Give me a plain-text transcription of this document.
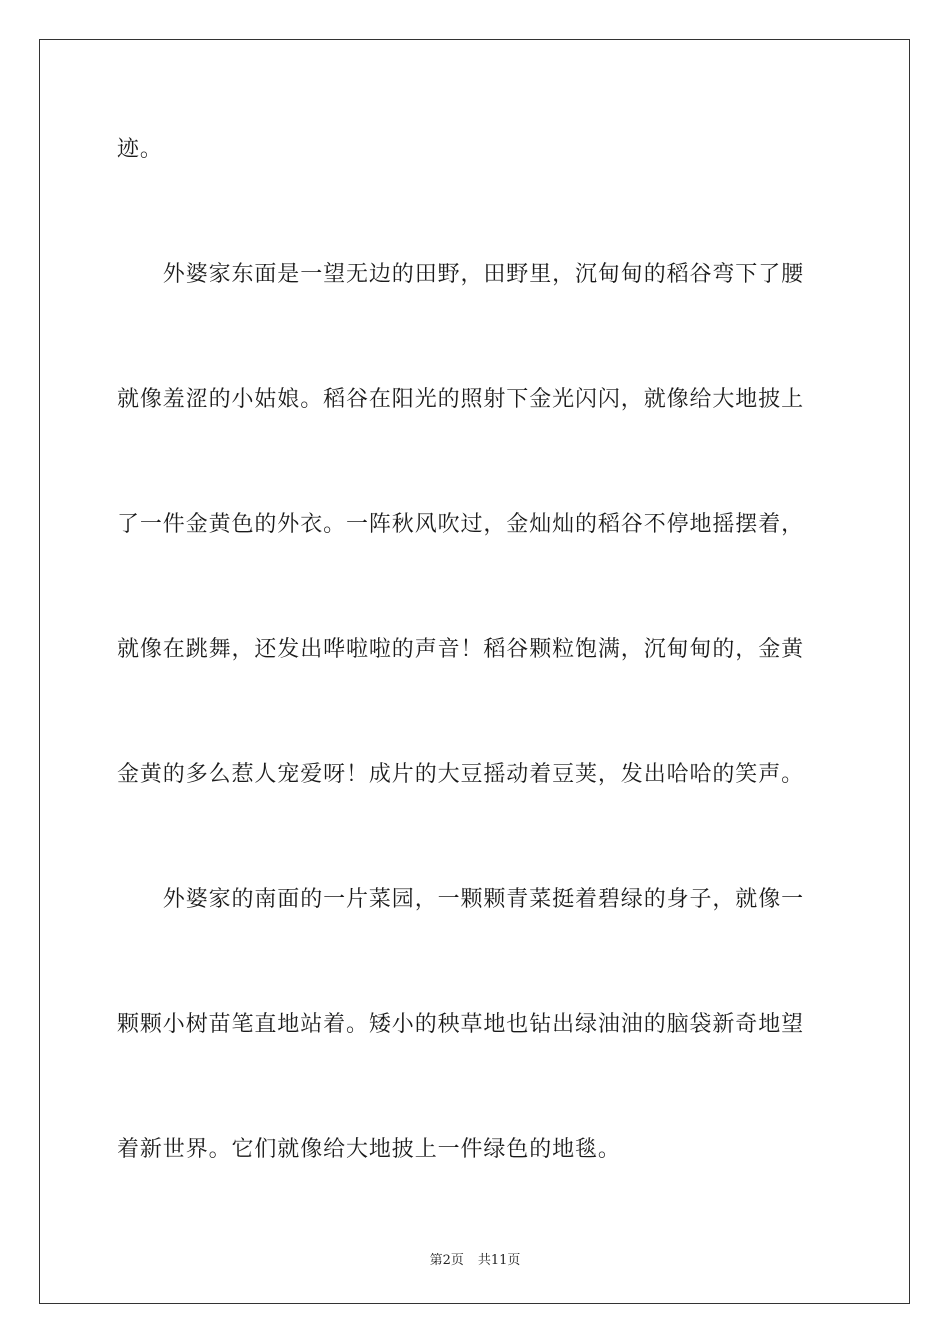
迹。
　　外婆家东面是一望无边的田野，田野里，沉甸甸的稻谷弯下了腰
就像羞涩的小姑娘。稻谷在阳光的照射下金光闪闪，就像给大地披上
了一件金黄色的外衣。一阵秋风吹过，金灿灿的稻谷不停地摇摆着，
就像在跳舞，还发出哗啦啦的声音！稻谷颗粒饱满，沉甸甸的，金黄
金黄的多么惹人宠爱呀！成片的大豆摇动着豆荚，发出哈哈的笑声。
　　外婆家的南面的一片菜园，一颗颗青菜挺着碧绿的身子，就像一
颗颗小树苗笔直地站着。矮小的秧草地也钻出绿油油的脑袋新奇地望
着新世界。它们就像给大地披上一件绿色的地毯。
第2页 共11页
